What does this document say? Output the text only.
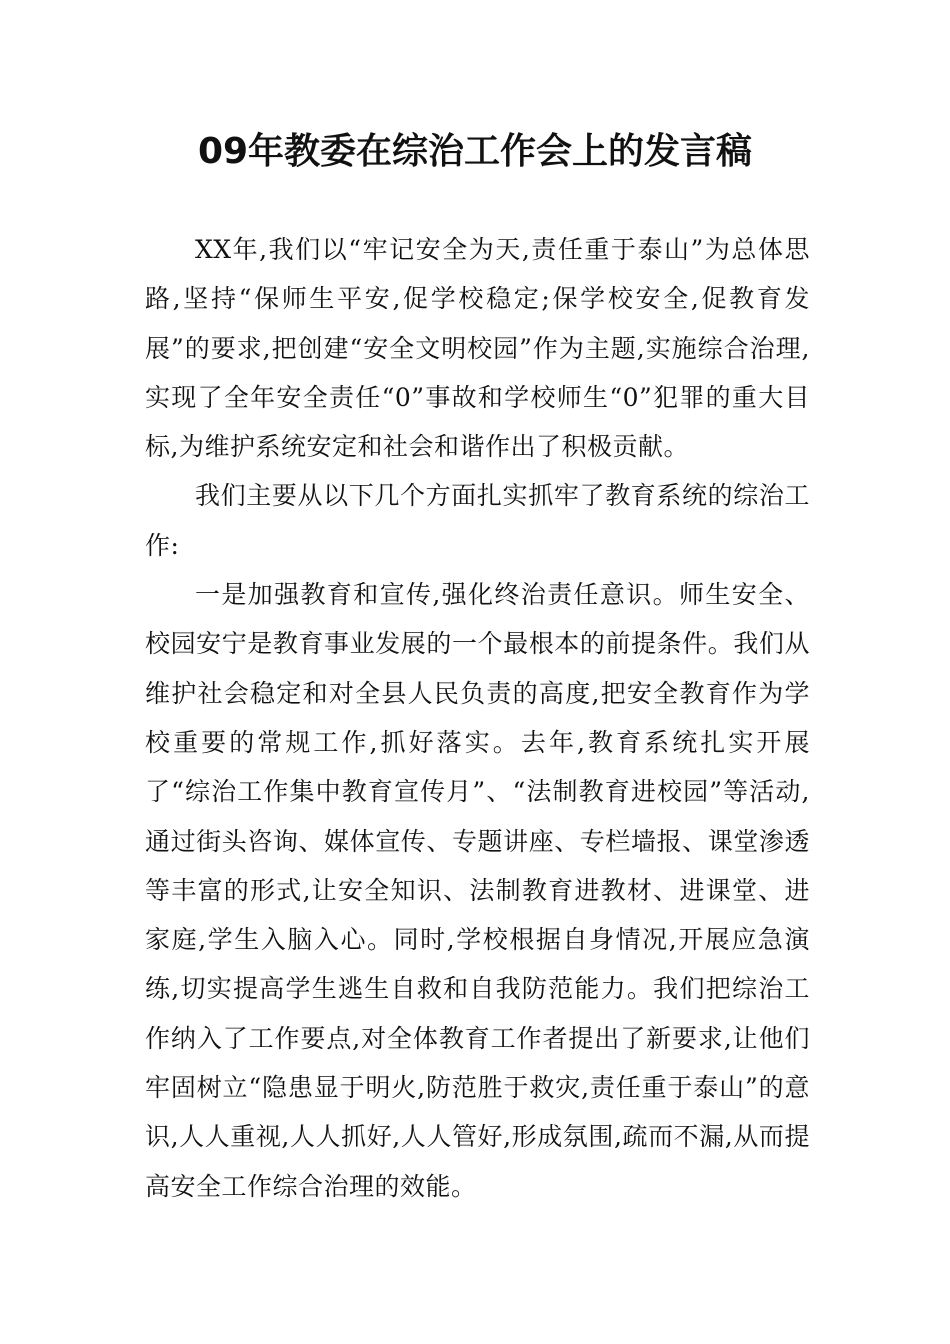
09年教委在综治工作会上的发言稿

XX年,我们以“牢记安全为天,责任重于泰山”为总体思路,坚持“保师生平安,促学校稳定;保学校安全,促教育发展”的要求,把创建“安全文明校园”作为主题,实施综合治理,实现了全年安全责任“0”事故和学校师生“0”犯罪的重大目标,为维护系统安定和社会和谐作出了积极贡献。

我们主要从以下几个方面扎实抓牢了教育系统的综治工作:

一是加强教育和宣传,强化终治责任意识。师生安全、校园安宁是教育事业发展的一个最根本的前提条件。我们从维护社会稳定和对全县人民负责的高度,把安全教育作为学校重要的常规工作,抓好落实。去年,教育系统扎实开展了“综治工作集中教育宣传月”、“法制教育进校园”等活动,通过街头咨询、媒体宣传、专题讲座、专栏墙报、课堂渗透等丰富的形式,让安全知识、法制教育进教材、进课堂、进家庭,学生入脑入心。同时,学校根据自身情况,开展应急演练,切实提高学生逃生自救和自我防范能力。我们把综治工作纳入了工作要点,对全体教育工作者提出了新要求,让他们牢固树立“隐患显于明火,防范胜于救灾,责任重于泰山”的意识,人人重视,人人抓好,人人管好,形成氛围,疏而不漏,从而提高安全工作综合治理的效能。
